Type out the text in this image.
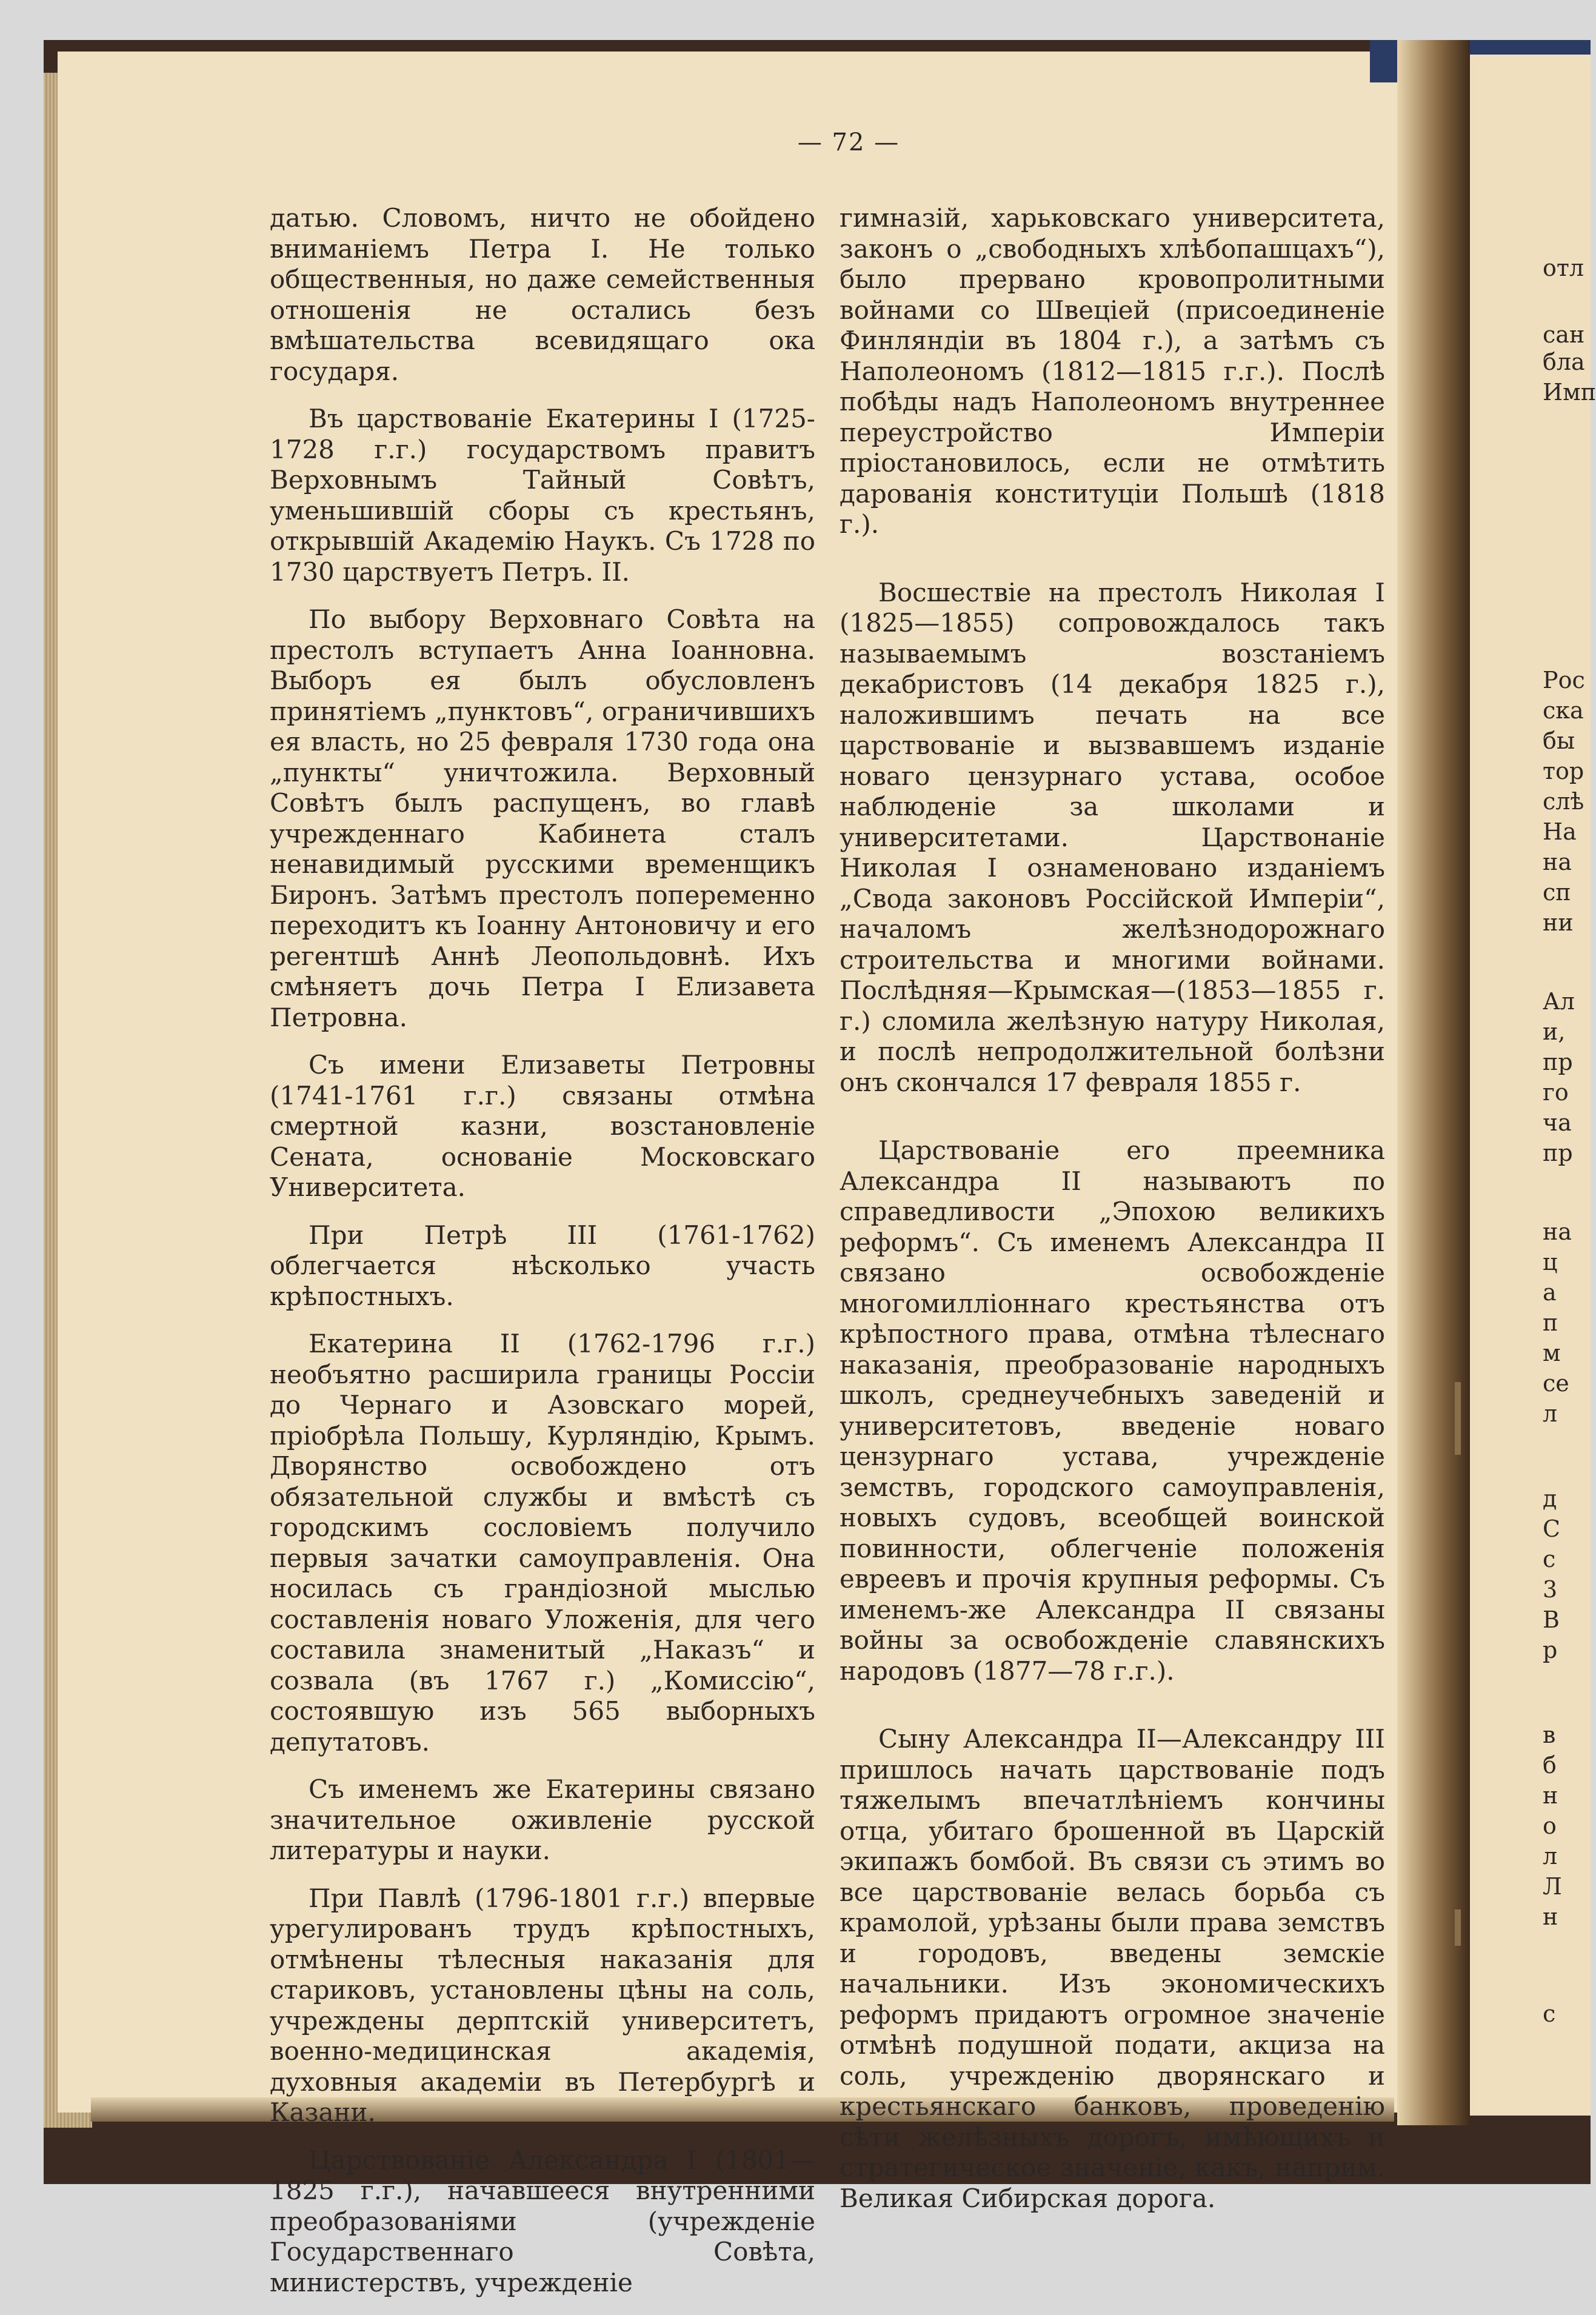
— 72 —

датью. Словомъ, ничто не обойдено вниманіемъ Петра I. Не только общественныя, но даже семейственныя отношенія не остались безъ вмѣшательства всевидящаго ока государя.

Въ царствованіе Екатерины I (1725-1728 г.г.) государствомъ правитъ Верховнымъ Тайный Совѣтъ, уменьшившій сборы съ крестьянъ, открывшій Академію Наукъ. Съ 1728 по 1730 царствуетъ Петръ. II.

По выбору Верховнаго Совѣта на престолъ вступаетъ Анна Іоанновна. Выборъ ея былъ обусловленъ принятіемъ „пунктовъ“, ограничившихъ ея власть, но 25 февраля 1730 года она „пункты“ уничтожила. Верховный Совѣтъ былъ распущенъ, во главѣ учрежденнаго Кабинета сталъ ненавидимый русскими временщикъ Биронъ. Затѣмъ престолъ попеременно переходитъ къ Іоанну Антоновичу и его регентшѣ Аннѣ Леопольдовнѣ. Ихъ смѣняетъ дочь Петра I Елизавета Петровна.

Съ имени Елизаветы Петровны (1741-1761 г.г.) связаны отмѣна смертной казни, возстановленіе Сената, основаніе Московскаго Университета.

При Петрѣ III (1761-1762) облегчается нѣсколько участь крѣпостныхъ.

Екатерина II (1762-1796 г.г.) необъятно расширила границы Россіи до Чернаго и Азовскаго морей, пріобрѣла Польшу, Курляндію, Крымъ. Дворянство освобождено отъ обязательной службы и вмѣстѣ съ городскимъ сословіемъ получило первыя зачатки самоуправленія. Она носилась съ грандіозной мыслью составленія новаго Уложенія, для чего составила знаменитый „Наказъ“ и созвала (въ 1767 г.) „Комиссію“, состоявшую изъ 565 выборныхъ депутатовъ.

Съ именемъ же Екатерины связано значительное оживленіе русской литературы и науки.

При Павлѣ (1796-1801 г.г.) впервые урегулированъ трудъ крѣпостныхъ, отмѣнены тѣлесныя наказанія для стариковъ, установлены цѣны на соль, учреждены дерптскій университетъ, военно-медицинская академія, духовныя академіи въ Петербургѣ и Казани.

Царствованіе Александра I (1801—1825 г.г.), начавшееся внутренними преобразованіями (учрежденіе Государственнаго Совѣта, министерствъ, учрежденіе

гимназій, харьковскаго университета, законъ о „свободныхъ хлѣбопашцахъ“), было прервано кровопролитными войнами со Швеціей (присоединеніе Финляндіи въ 1804 г.), а затѣмъ съ Наполеономъ (1812—1815 г.г.). Послѣ побѣды надъ Наполеономъ внутреннее переустройство Имперіи пріостановилось, если не отмѣтить дарованія конституціи Польшѣ (1818 г.).

Восшествіе на престолъ Николая I (1825—1855) сопровождалось такъ называемымъ возстаніемъ декабристовъ (14 декабря 1825 г.), наложившимъ печать на все царствованіе и вызвавшемъ изданіе новаго цензурнаго устава, особое наблюденіе за школами и университетами. Царствонаніе Николая I ознаменовано изданіемъ „Свода законовъ Россійской Имперіи“, началомъ желѣзнодорожнаго строительства и многими войнами. Послѣдняя—Крымская—(1853—1855 г. г.) сломила желѣзную натуру Николая, и послѣ непродолжительной болѣзни онъ скончался 17 февраля 1855 г.

Царствованіе его преемника Александра II называютъ по справедливости „Эпохою великихъ реформъ“. Съ именемъ Александра II связано освобожденіе многомилліоннаго крестьянства отъ крѣпостного права, отмѣна тѣлеснаго наказанія, преобразованіе народныхъ школъ, среднеучебныхъ заведеній и университетовъ, введеніе новаго цензурнаго устава, учрежденіе земствъ, городского самоуправленія, новыхъ судовъ, всеобщей воинской повинности, облегченіе положенія евреевъ и прочія крупныя реформы. Съ именемъ-же Александра II связаны войны за освобожденіе славянскихъ народовъ (1877—78 г.г.).

Сыну Александра II—Александру III пришлось начать царствованіе подъ тяжелымъ впечатлѣніемъ кончины отца, убитаго брошенной въ Царскій экипажъ бомбой. Въ связи съ этимъ во все царствованіе велась борьба съ крамолой, урѣзаны были права земствъ и городовъ, введены земскіе начальники. Изъ экономическихъ реформъ придаютъ огромное значеніе отмѣнѣ подушной подати, акциза на соль, учрежденію дворянскаго и крестьянскаго банковъ, проведенію сѣти желѣзныхъ дорогъ, имѣющихъ и стратегическое значеніе, какъ, наприм. Великая Сибирская дорога.

отл
сан
бла
Имп
Рос
ска
бы
тор
слѣ
На
на
сп
ни
Ал
и,
пр
го
ча
пр
на
ц
а
п
м
се
л
д
С
с
3
В
р
в
б
н
о
л
Л
н
с
